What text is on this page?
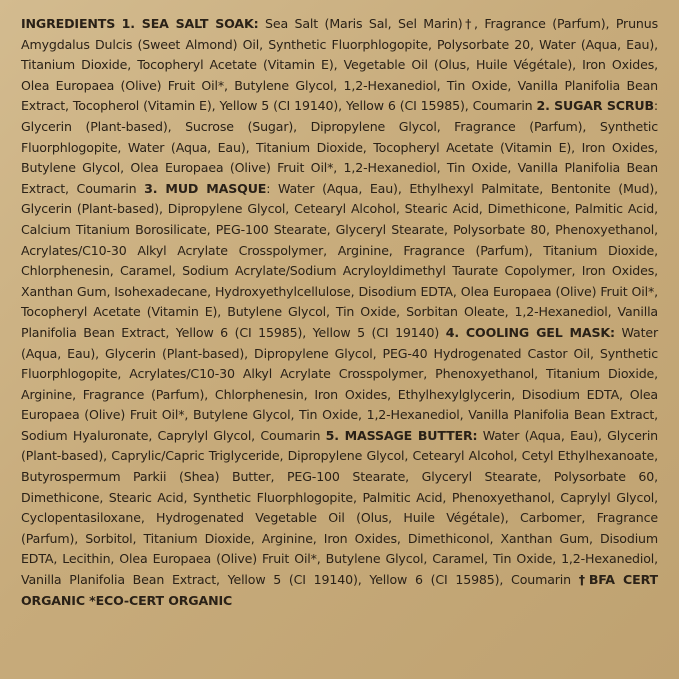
INGREDIENTS 1. SEA SALT SOAK: Sea Salt (Maris Sal, Sel Marin)†, Fragrance (Parfum), Prunus Amygdalus Dulcis (Sweet Almond) Oil, Synthetic Fluorphlogopite, Polysorbate 20, Water (Aqua, Eau), Titanium Dioxide, Tocopheryl Acetate (Vitamin E), Vegetable Oil (Olus, Huile Végétale), Iron Oxides, Olea Europaea (Olive) Fruit Oil*, Butylene Glycol, 1,2-Hexanediol, Tin Oxide, Vanilla Planifolia Bean Extract, Tocopherol (Vitamin E), Yellow 5 (CI 19140), Yellow 6 (CI 15985), Coumarin 2. SUGAR SCRUB: Glycerin (Plant-based), Sucrose (Sugar), Dipropylene Glycol, Fragrance (Parfum), Synthetic Fluorphlogopite, Water (Aqua, Eau), Titanium Dioxide, Tocopheryl Acetate (Vitamin E), Iron Oxides, Butylene Glycol, Olea Europaea (Olive) Fruit Oil*, 1,2-Hexanediol, Tin Oxide, Vanilla Planifolia Bean Extract, Coumarin 3. MUD MASQUE: Water (Aqua, Eau), Ethylhexyl Palmitate, Bentonite (Mud), Glycerin (Plant-based), Dipropylene Glycol, Cetearyl Alcohol, Stearic Acid, Dimethicone, Palmitic Acid, Calcium Titanium Borosilicate, PEG-100 Stearate, Glyceryl Stearate, Polysorbate 80, Phenoxyethanol, Acrylates/C10-30 Alkyl Acrylate Crosspolymer, Arginine, Fragrance (Parfum), Titanium Dioxide, Chlorphenesin, Caramel, Sodium Acrylate/Sodium Acryloyldimethyl Taurate Copolymer, Iron Oxides, Xanthan Gum, Isohexadecane, Hydroxyethylcellulose, Disodium EDTA, Olea Europaea (Olive) Fruit Oil*, Tocopheryl Acetate (Vitamin E), Butylene Glycol, Tin Oxide, Sorbitan Oleate, 1,2-Hexanediol, Vanilla Planifolia Bean Extract, Yellow 6 (CI 15985), Yellow 5 (CI 19140) 4. COOLING GEL MASK: Water (Aqua, Eau), Glycerin (Plant-based), Dipropylene Glycol, PEG-40 Hydrogenated Castor Oil, Synthetic Fluorphlogopite, Acrylates/C10-30 Alkyl Acrylate Crosspolymer, Phenoxyethanol, Titanium Dioxide, Arginine, Fragrance (Parfum), Chlorphenesin, Iron Oxides, Ethylhexylglycerin, Disodium EDTA, Olea Europaea (Olive) Fruit Oil*, Butylene Glycol, Tin Oxide, 1,2-Hexanediol, Vanilla Planifolia Bean Extract, Sodium Hyaluronate, Caprylyl Glycol, Coumarin 5. MASSAGE BUTTER: Water (Aqua, Eau), Glycerin (Plant-based), Caprylic/Capric Triglyceride, Dipropylene Glycol, Cetearyl Alcohol, Cetyl Ethylhexanoate, Butyrospermum Parkii (Shea) Butter, PEG-100 Stearate, Glyceryl Stearate, Polysorbate 60, Dimethicone, Stearic Acid, Synthetic Fluorphlogopite, Palmitic Acid, Phenoxyethanol, Caprylyl Glycol, Cyclopentasiloxane, Hydrogenated Vegetable Oil (Olus, Huile Végétale), Carbomer, Fragrance (Parfum), Sorbitol, Titanium Dioxide, Arginine, Iron Oxides, Dimethiconol, Xanthan Gum, Disodium EDTA, Lecithin, Olea Europaea (Olive) Fruit Oil*, Butylene Glycol, Caramel, Tin Oxide, 1,2-Hexanediol, Vanilla Planifolia Bean Extract, Yellow 5 (CI 19140), Yellow 6 (CI 15985), Coumarin †BFA CERT ORGANIC *ECO-CERT ORGANIC
